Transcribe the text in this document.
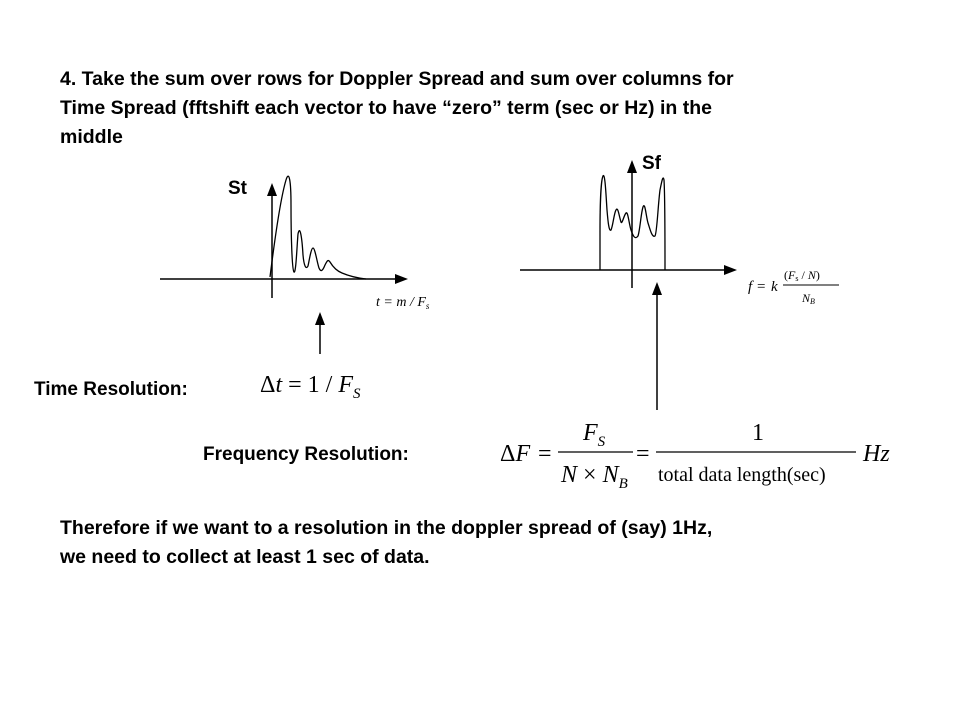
4. Take the sum over rows for Doppler Spread and sum over columns for
Time Spread (fftshift each vector to have “zero” term (sec or Hz) in the
middle
St
$t = m / F_s$
Sf
f = k
(Fs / N)
NB
Time Resolution:	$\Delta t = 1 / F_S$
Frequency Resolution:	ΔF =
$F_S$
$N \times N_B$
=
1
total data length(sec)
Hz
Therefore if we want to a resolution in the doppler spread of (say) 1Hz,
we need to collect at least 1 sec of data.
